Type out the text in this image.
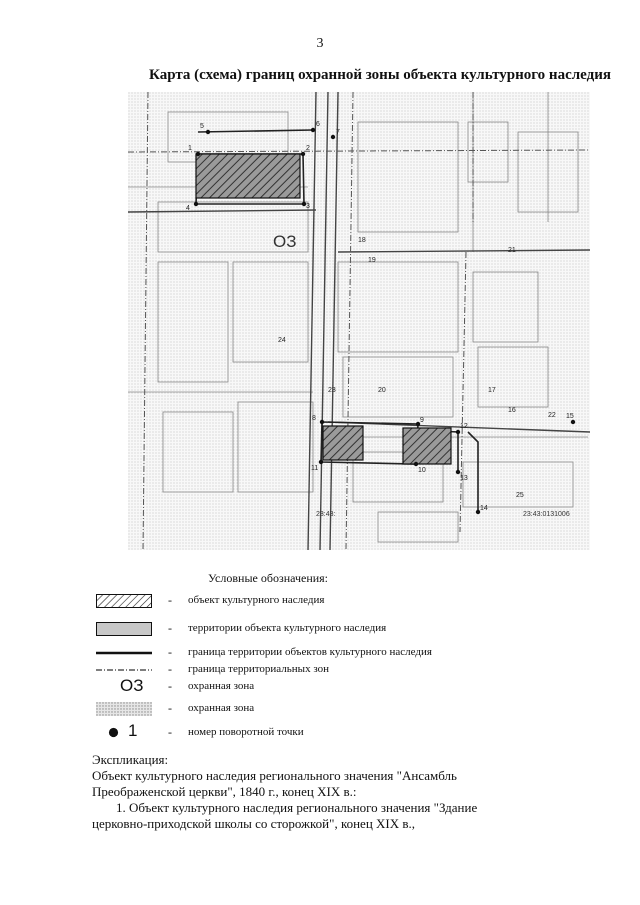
3
Карта (схема) границ охранной зоны объекта культурного наследия
1	2
3
4
5	6
7
8	9
10
11
12
13
14
15
16
17
18
19
20
21
22
23
24
25
ОЗ
23:43:	23:43:0131006
Условные обозначения:
- объект культурного наследия
- территории объекта культурного наследия
- граница территории объектов культурного наследия
- граница территориальных зон
ОЗ - охранная зона
- охранная зона
1	- номер поворотной точки
Экспликация:
Объект культурного наследия регионального значения "Ансамбль
Преображенской церкви", 1840 г., конец XIX в.:
1. Объект культурного наследия регионального значения "Здание
церковно-приходской школы со сторожкой", конец XIX в.,
